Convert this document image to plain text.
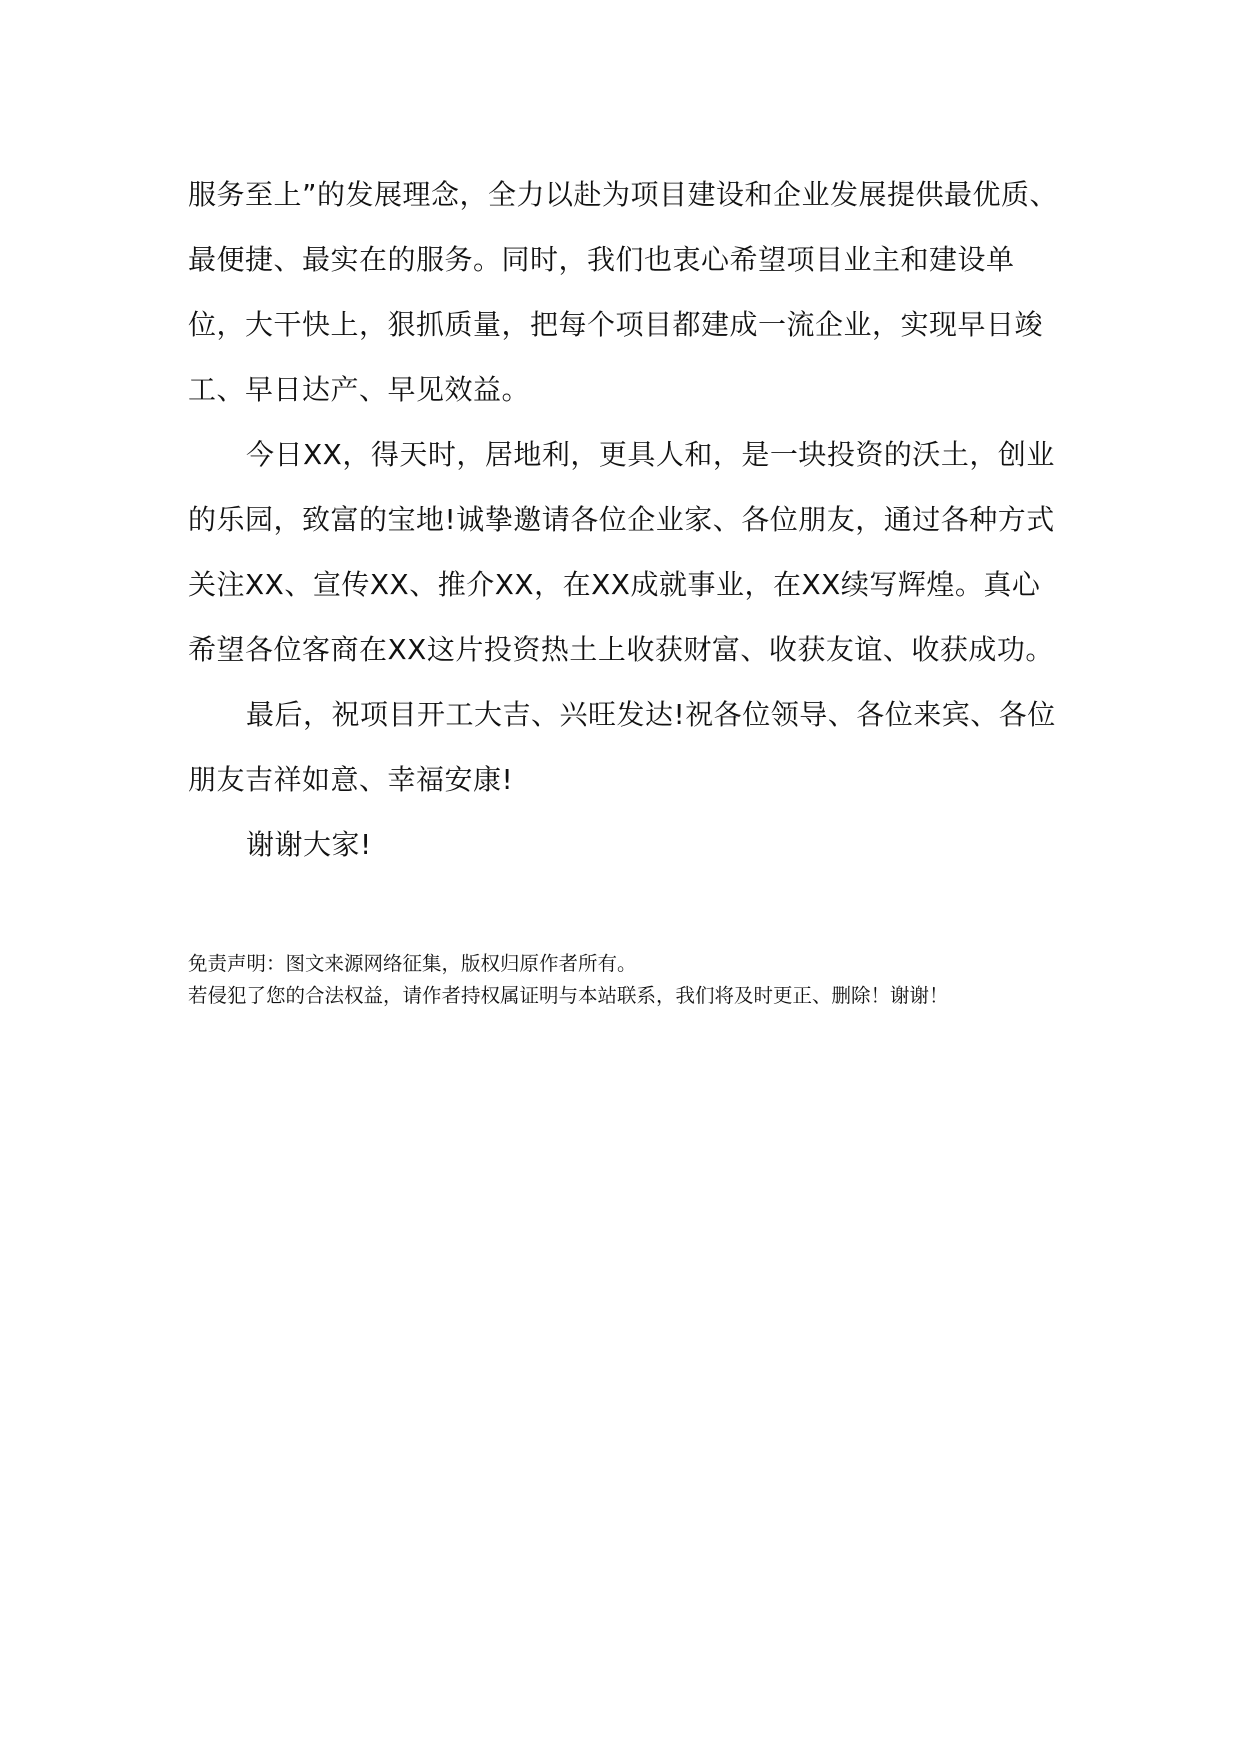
服务至上”的发展理念，全力以赴为项目建设和企业发展提供最优质、最便捷、最实在的服务。同时，我们也衷心希望项目业主和建设单位，大干快上，狠抓质量，把每个项目都建成一流企业，实现早日竣工、早日达产、早见效益。

今日XX，得天时，居地利，更具人和，是一块投资的沃土，创业的乐园，致富的宝地!诚挚邀请各位企业家、各位朋友，通过各种方式关注XX、宣传XX、推介XX，在XX成就事业，在XX续写辉煌。真心希望各位客商在XX这片投资热土上收获财富、收获友谊、收获成功。

最后，祝项目开工大吉、兴旺发达!祝各位领导、各位来宾、各位朋友吉祥如意、幸福安康!

谢谢大家!

免责声明：图文来源网络征集，版权归原作者所有。

若侵犯了您的合法权益，请作者持权属证明与本站联系，我们将及时更正、删除！谢谢！
